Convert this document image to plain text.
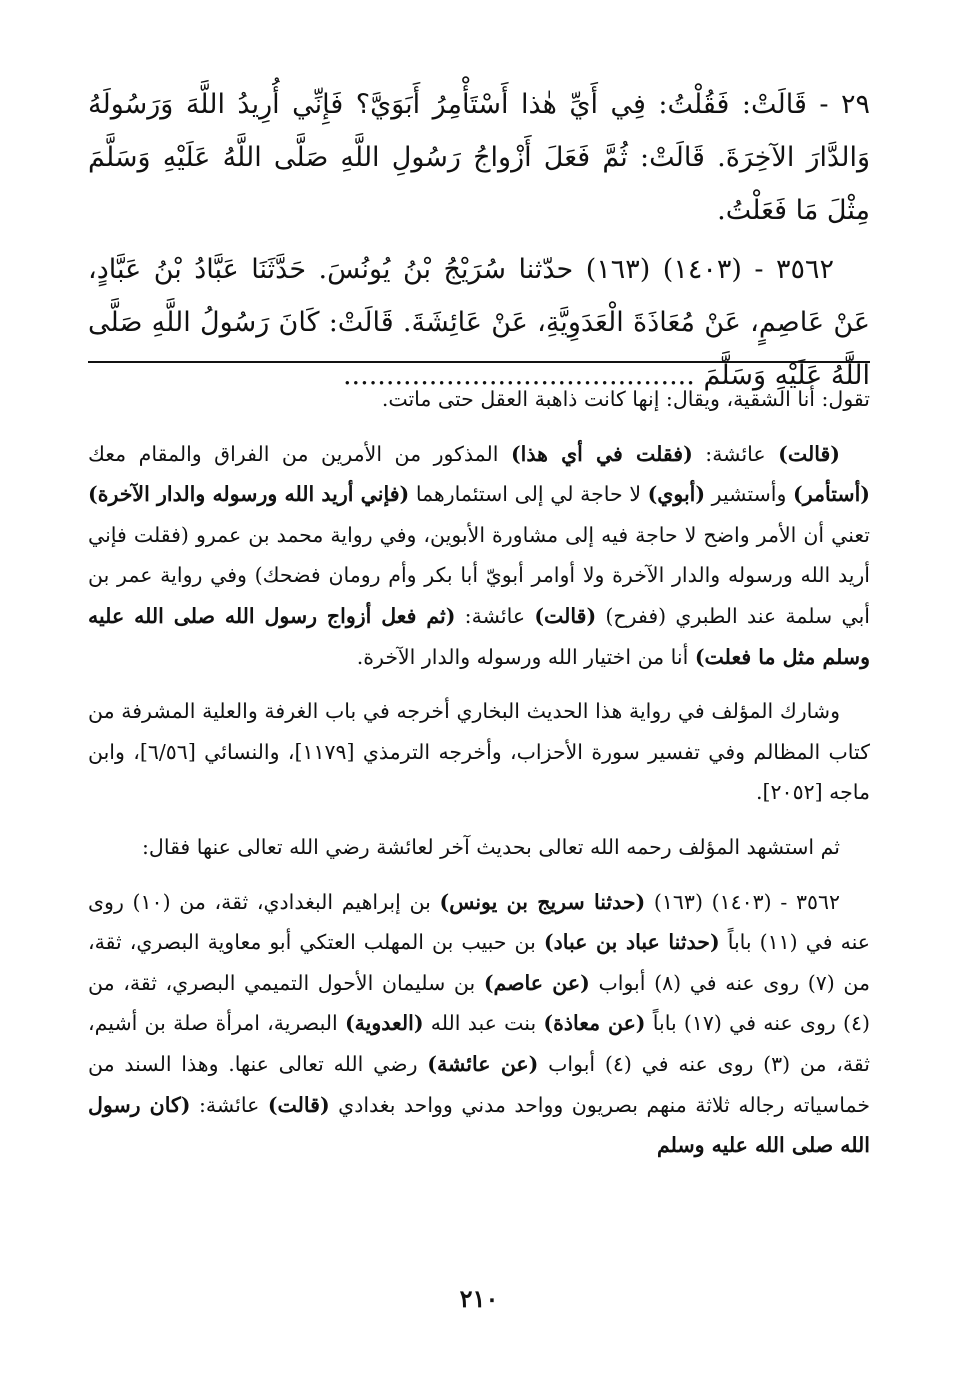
٢٩ - قَالَتْ: فَقُلْتُ: فِي أَيِّ هٰذا أَسْتَأْمِرُ أَبَوَيَّ؟ فَإِنِّي أُرِيدُ اللَّهَ وَرَسُولَهُ وَالدَّارَ الآخِرَةَ. قَالَتْ: ثُمَّ فَعَلَ أَزْواجُ رَسُولِ اللَّهِ صَلَّى اللَّهُ عَلَيْهِ وَسَلَّمَ مِثْلَ مَا فَعَلْتُ.

٣٥٦٢ - (١٤٠٣) (١٦٣) حدّثنا سُرَيْجُ بْنُ يُونُسَ. حَدَّثَنَا عَبَّادُ بْنُ عَبَّادٍ، عَنْ عَاصِمٍ، عَنْ مُعَاذَةَ الْعَدَوِيَّةِ، عَنْ عَائِشَةَ. قَالَتْ: كَانَ رَسُولُ اللَّهِ صَلَّى اللَّهُ عَلَيْهِ وَسَلَّمَ .........................................

تقول: أنا الشقية، ويقال: إنها كانت ذاهبة العقل حتى ماتت.

(قالت) عائشة: (فقلت في أي هذا) المذكور من الأمرين من الفراق والمقام معك (أستأمر) وأستشير (أبوي) لا حاجة لي إلى استئمارهما (فإني أريد الله ورسوله والدار الآخرة) تعني أن الأمر واضح لا حاجة فيه إلى مشاورة الأبوين، وفي رواية محمد بن عمرو (فقلت فإني أريد الله ورسوله والدار الآخرة ولا أوامر أبويّ أبا بكر وأم رومان فضحك) وفي رواية عمر بن أبي سلمة عند الطبري (ففرح) (قالت) عائشة: (ثم فعل أزواج رسول الله صلى الله عليه وسلم مثل ما فعلت) أنا من اختيار الله ورسوله والدار الآخرة.

وشارك المؤلف في رواية هذا الحديث البخاري أخرجه في باب الغرفة والعلية المشرفة من كتاب المظالم وفي تفسير سورة الأحزاب، وأخرجه الترمذي [١١٧٩]، والنسائي [٦/٥٦]، وابن ماجه [٢٠٥٢].

ثم استشهد المؤلف رحمه الله تعالى بحديث آخر لعائشة رضي الله تعالى عنها فقال:

٣٥٦٢ - (١٤٠٣) (١٦٣) (حدثنا سريج بن يونس) بن إبراهيم البغدادي، ثقة، من (١٠) روى عنه في (١١) باباً (حدثنا عباد بن عباد) بن حبيب بن المهلب العتكي أبو معاوية البصري، ثقة، من (٧) روى عنه في (٨) أبواب (عن عاصم) بن سليمان الأحول التميمي البصري، ثقة، من (٤) روى عنه في (١٧) باباً (عن معاذة) بنت عبد الله (العدوية) البصرية، امرأة صلة بن أشيم، ثقة، من (٣) روى عنه في (٤) أبواب (عن عائشة) رضي الله تعالى عنها. وهذا السند من خماسياته رجاله ثلاثة منهم بصريون وواحد مدني وواحد بغدادي (قالت) عائشة: (كان رسول الله صلى الله عليه وسلم

٢١٠
